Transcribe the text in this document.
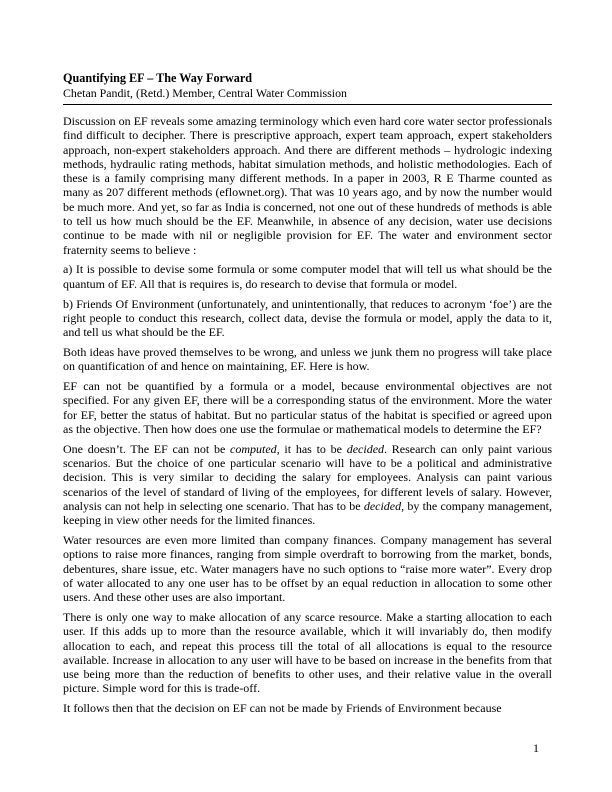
Quantifying EF – The Way Forward

Chetan Pandit, (Retd.) Member, Central Water Commission

Discussion on EF reveals some amazing terminology which even hard core water sector professionals find difficult to decipher. There is prescriptive approach, expert team approach, expert stakeholders approach, non-expert stakeholders approach. And there are different methods – hydrologic indexing methods, hydraulic rating methods, habitat simulation methods, and holistic methodologies. Each of these is a family comprising many different methods. In a paper in 2003, R E Tharme counted as many as 207 different methods (eflownet.org). That was 10 years ago, and by now the number would be much more. And yet, so far as India is concerned, not one out of these hundreds of methods is able to tell us how much should be the EF. Meanwhile, in absence of any decision, water use decisions continue to be made with nil or negligible provision for EF. The water and environment sector fraternity seems to believe :

a) It is possible to devise some formula or some computer model that will tell us what should be the quantum of EF. All that is requires is, do research to devise that formula or model.

b) Friends Of Environment (unfortunately, and unintentionally, that reduces to acronym ‘foe’) are the right people to conduct this research, collect data, devise the formula or model, apply the data to it, and tell us what should be the EF.

Both ideas have proved themselves to be wrong, and unless we junk them no progress will take place on quantification of and hence on maintaining, EF. Here is how.

EF can not be quantified by a formula or a model, because environmental objectives are not specified. For any given EF, there will be a corresponding status of the environment. More the water for EF, better the status of habitat. But no particular status of the habitat is specified or agreed upon as the objective. Then how does one use the formulae or mathematical models to determine the EF?

One doesn’t. The EF can not be computed, it has to be decided. Research can only paint various scenarios. But the choice of one particular scenario will have to be a political and administrative decision. This is very similar to deciding the salary for employees. Analysis can paint various scenarios of the level of standard of living of the employees, for different levels of salary. However, analysis can not help in selecting one scenario. That has to be decided, by the company management, keeping in view other needs for the limited finances.

Water resources are even more limited than company finances. Company management has several options to raise more finances, ranging from simple overdraft to borrowing from the market, bonds, debentures, share issue, etc. Water managers have no such options to “raise more water”. Every drop of water allocated to any one user has to be offset by an equal reduction in allocation to some other users. And these other uses are also important.

There is only one way to make allocation of any scarce resource. Make a starting allocation to each user. If this adds up to more than the resource available, which it will invariably do, then modify allocation to each, and repeat this process till the total of all allocations is equal to the resource available. Increase in allocation to any user will have to be based on increase in the benefits from that use being more than the reduction of benefits to other uses, and their relative value in the overall picture. Simple word for this is trade-off.

It follows then that the decision on EF can not be made by Friends of Environment because

1
